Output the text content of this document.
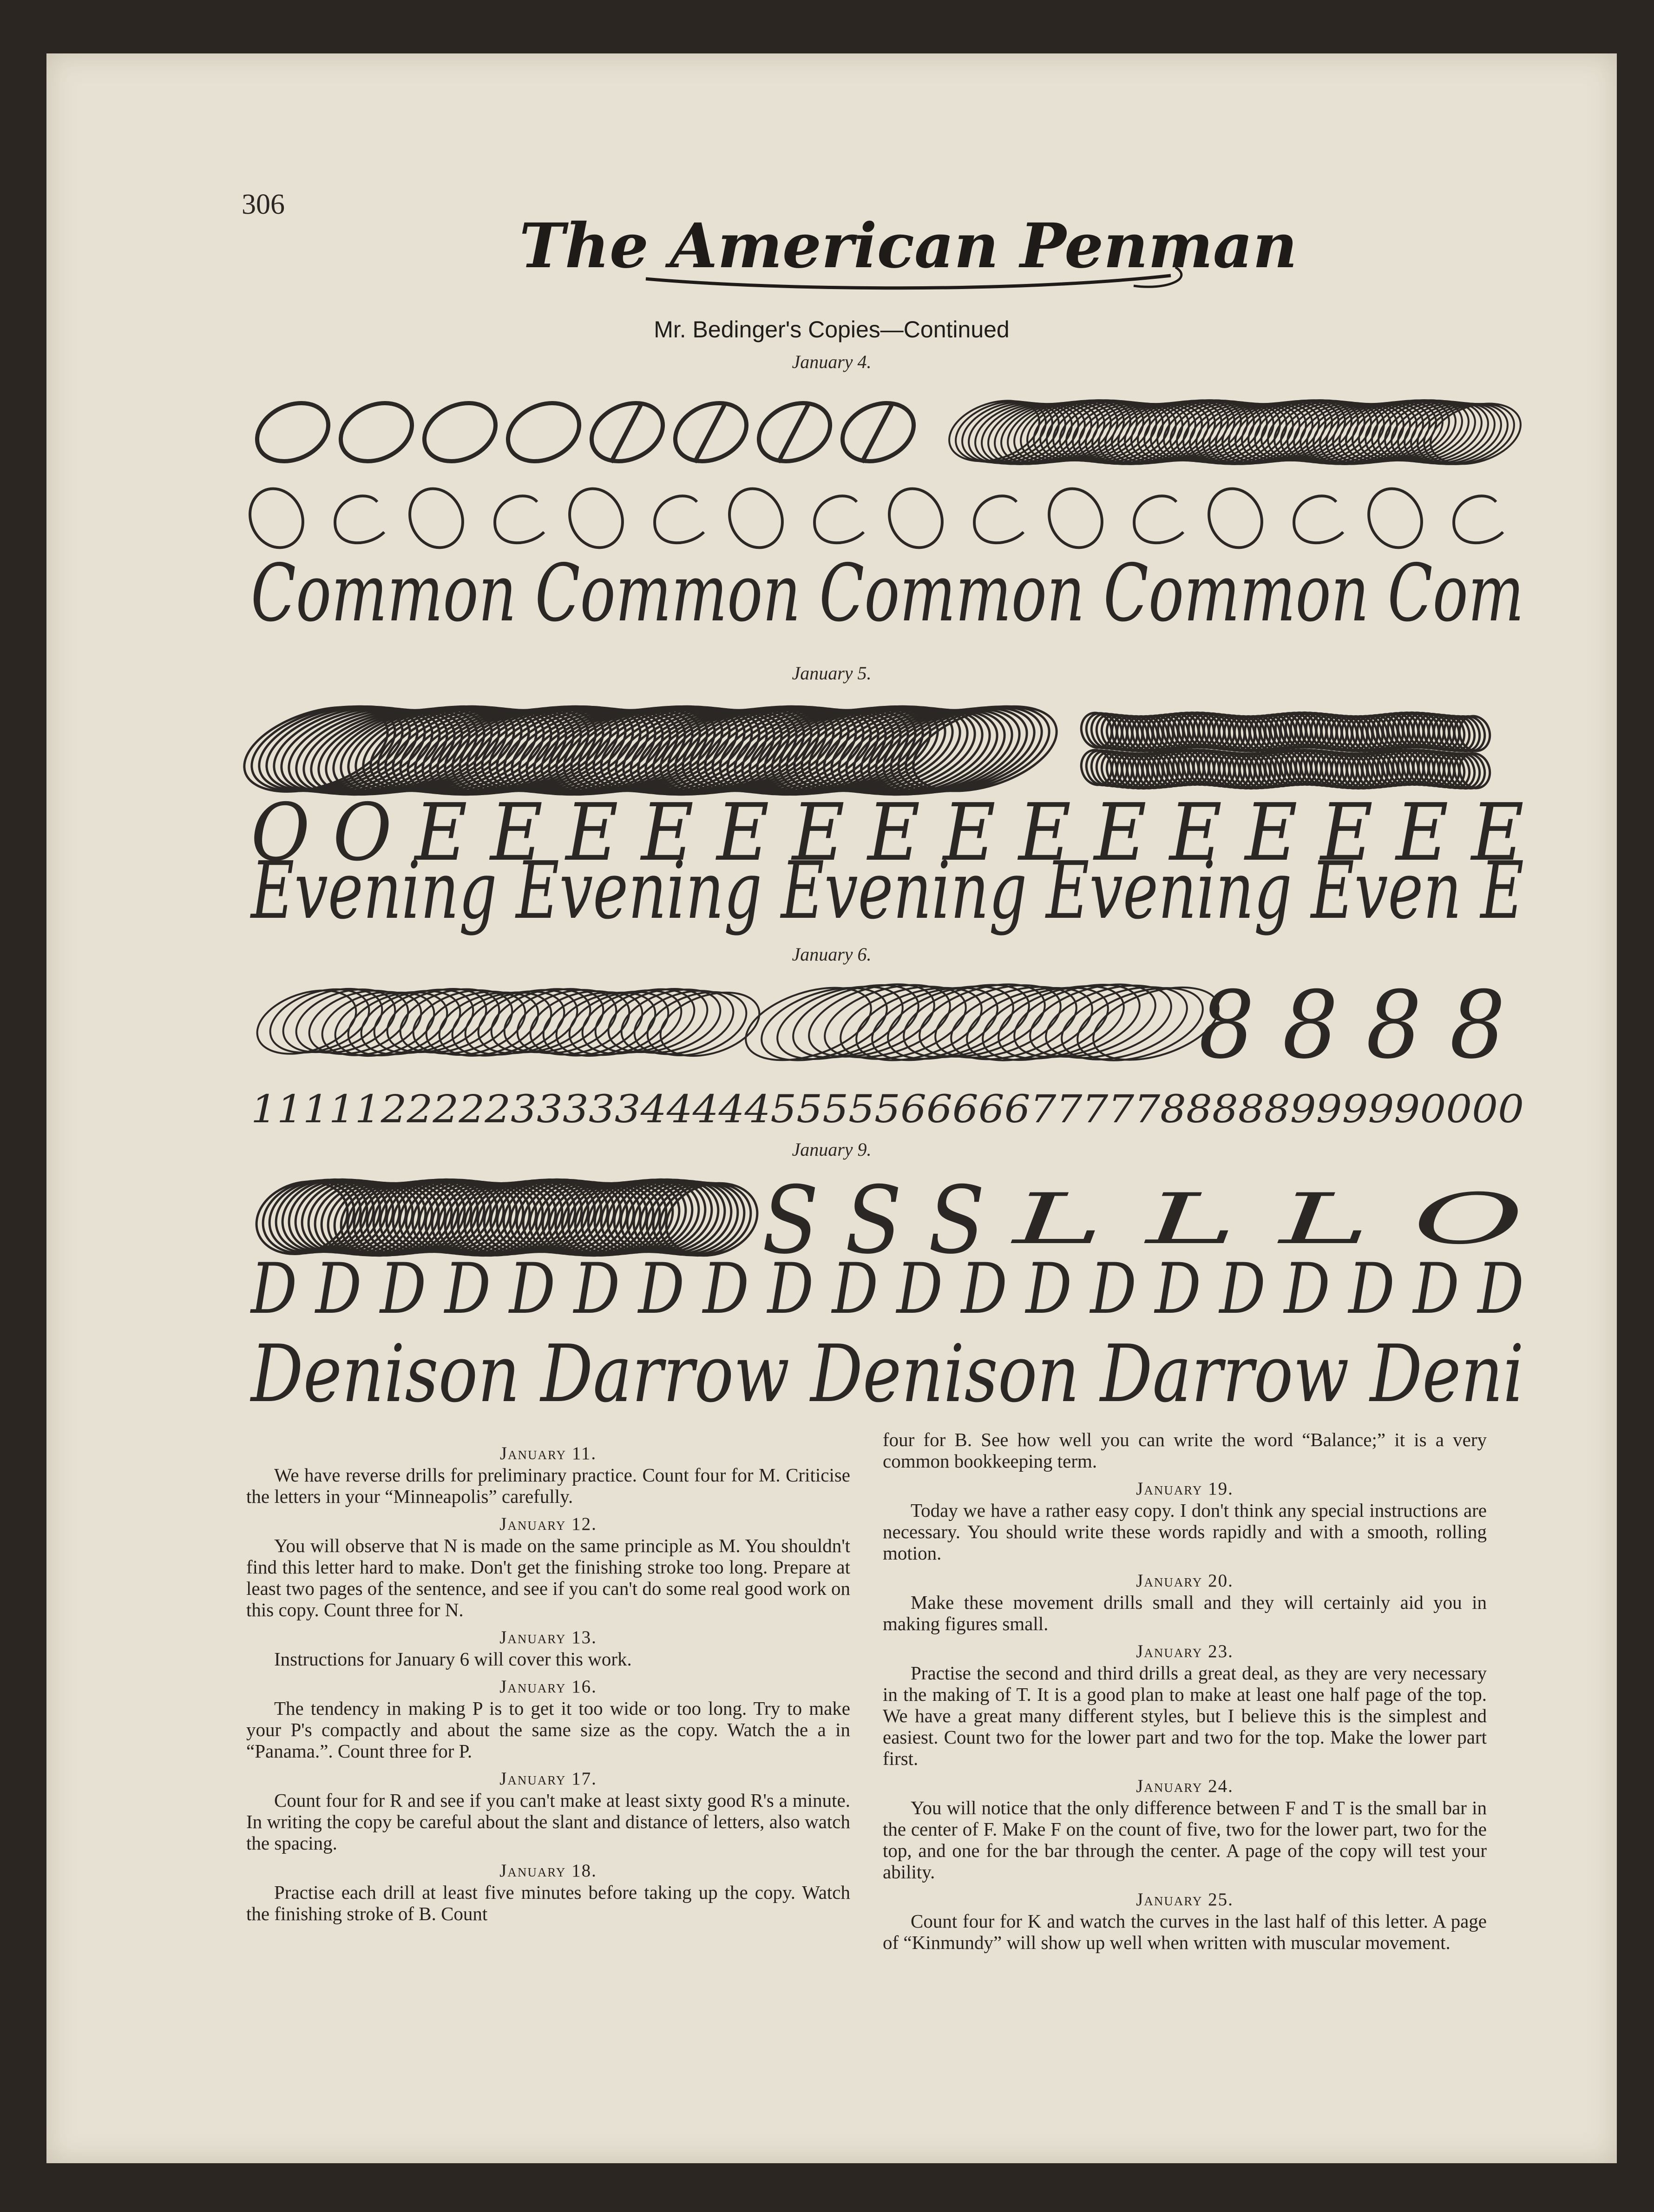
306
The American Penman
Mr. Bedinger's Copies—Continued
January 4.
Common Common Common Common Com
January 5.
O O E E E E E E E E E E E E E E E
Evening Evening Evening Evening Even E
January 6.
8 8 8 8
1111122222333334444455555666667777788888999990000
January 9.
S S S L L L O
D D D D D D D D D D D D D D D D D D D D
Denison Darrow Denison Darrow Deni
January 11.

We have reverse drills for preliminary practice. Count four for M. Criticise the letters in your “Minneapolis” carefully.

January 12.

You will observe that N is made on the same principle as M. You shouldn't find this letter hard to make. Don't get the finishing stroke too long. Prepare at least two pages of the sentence, and see if you can't do some real good work on this copy. Count three for N.

January 13.

Instructions for January 6 will cover this work.

January 16.

The tendency in making P is to get it too wide or too long. Try to make your P's compactly and about the same size as the copy. Watch the a in “Panama.”. Count three for P.

January 17.

Count four for R and see if you can't make at least sixty good R's a minute. In writing the copy be careful about the slant and distance of letters, also watch the spacing.

January 18.

Practise each drill at least five minutes before taking up the copy. Watch the finishing stroke of B. Count

four for B. See how well you can write the word “Balance;” it is a very common bookkeeping term.

January 19.

Today we have a rather easy copy. I don't think any special instructions are necessary. You should write these words rapidly and with a smooth, rolling motion.

January 20.

Make these movement drills small and they will certainly aid you in making figures small.

January 23.

Practise the second and third drills a great deal, as they are very necessary in the making of T. It is a good plan to make at least one half page of the top. We have a great many different styles, but I believe this is the simplest and easiest. Count two for the lower part and two for the top. Make the lower part first.

January 24.

You will notice that the only difference between F and T is the small bar in the center of F. Make F on the count of five, two for the lower part, two for the top, and one for the bar through the center. A page of the copy will test your ability.

January 25.

Count four for K and watch the curves in the last half of this letter. A page of “Kinmundy” will show up well when written with muscular movement.
